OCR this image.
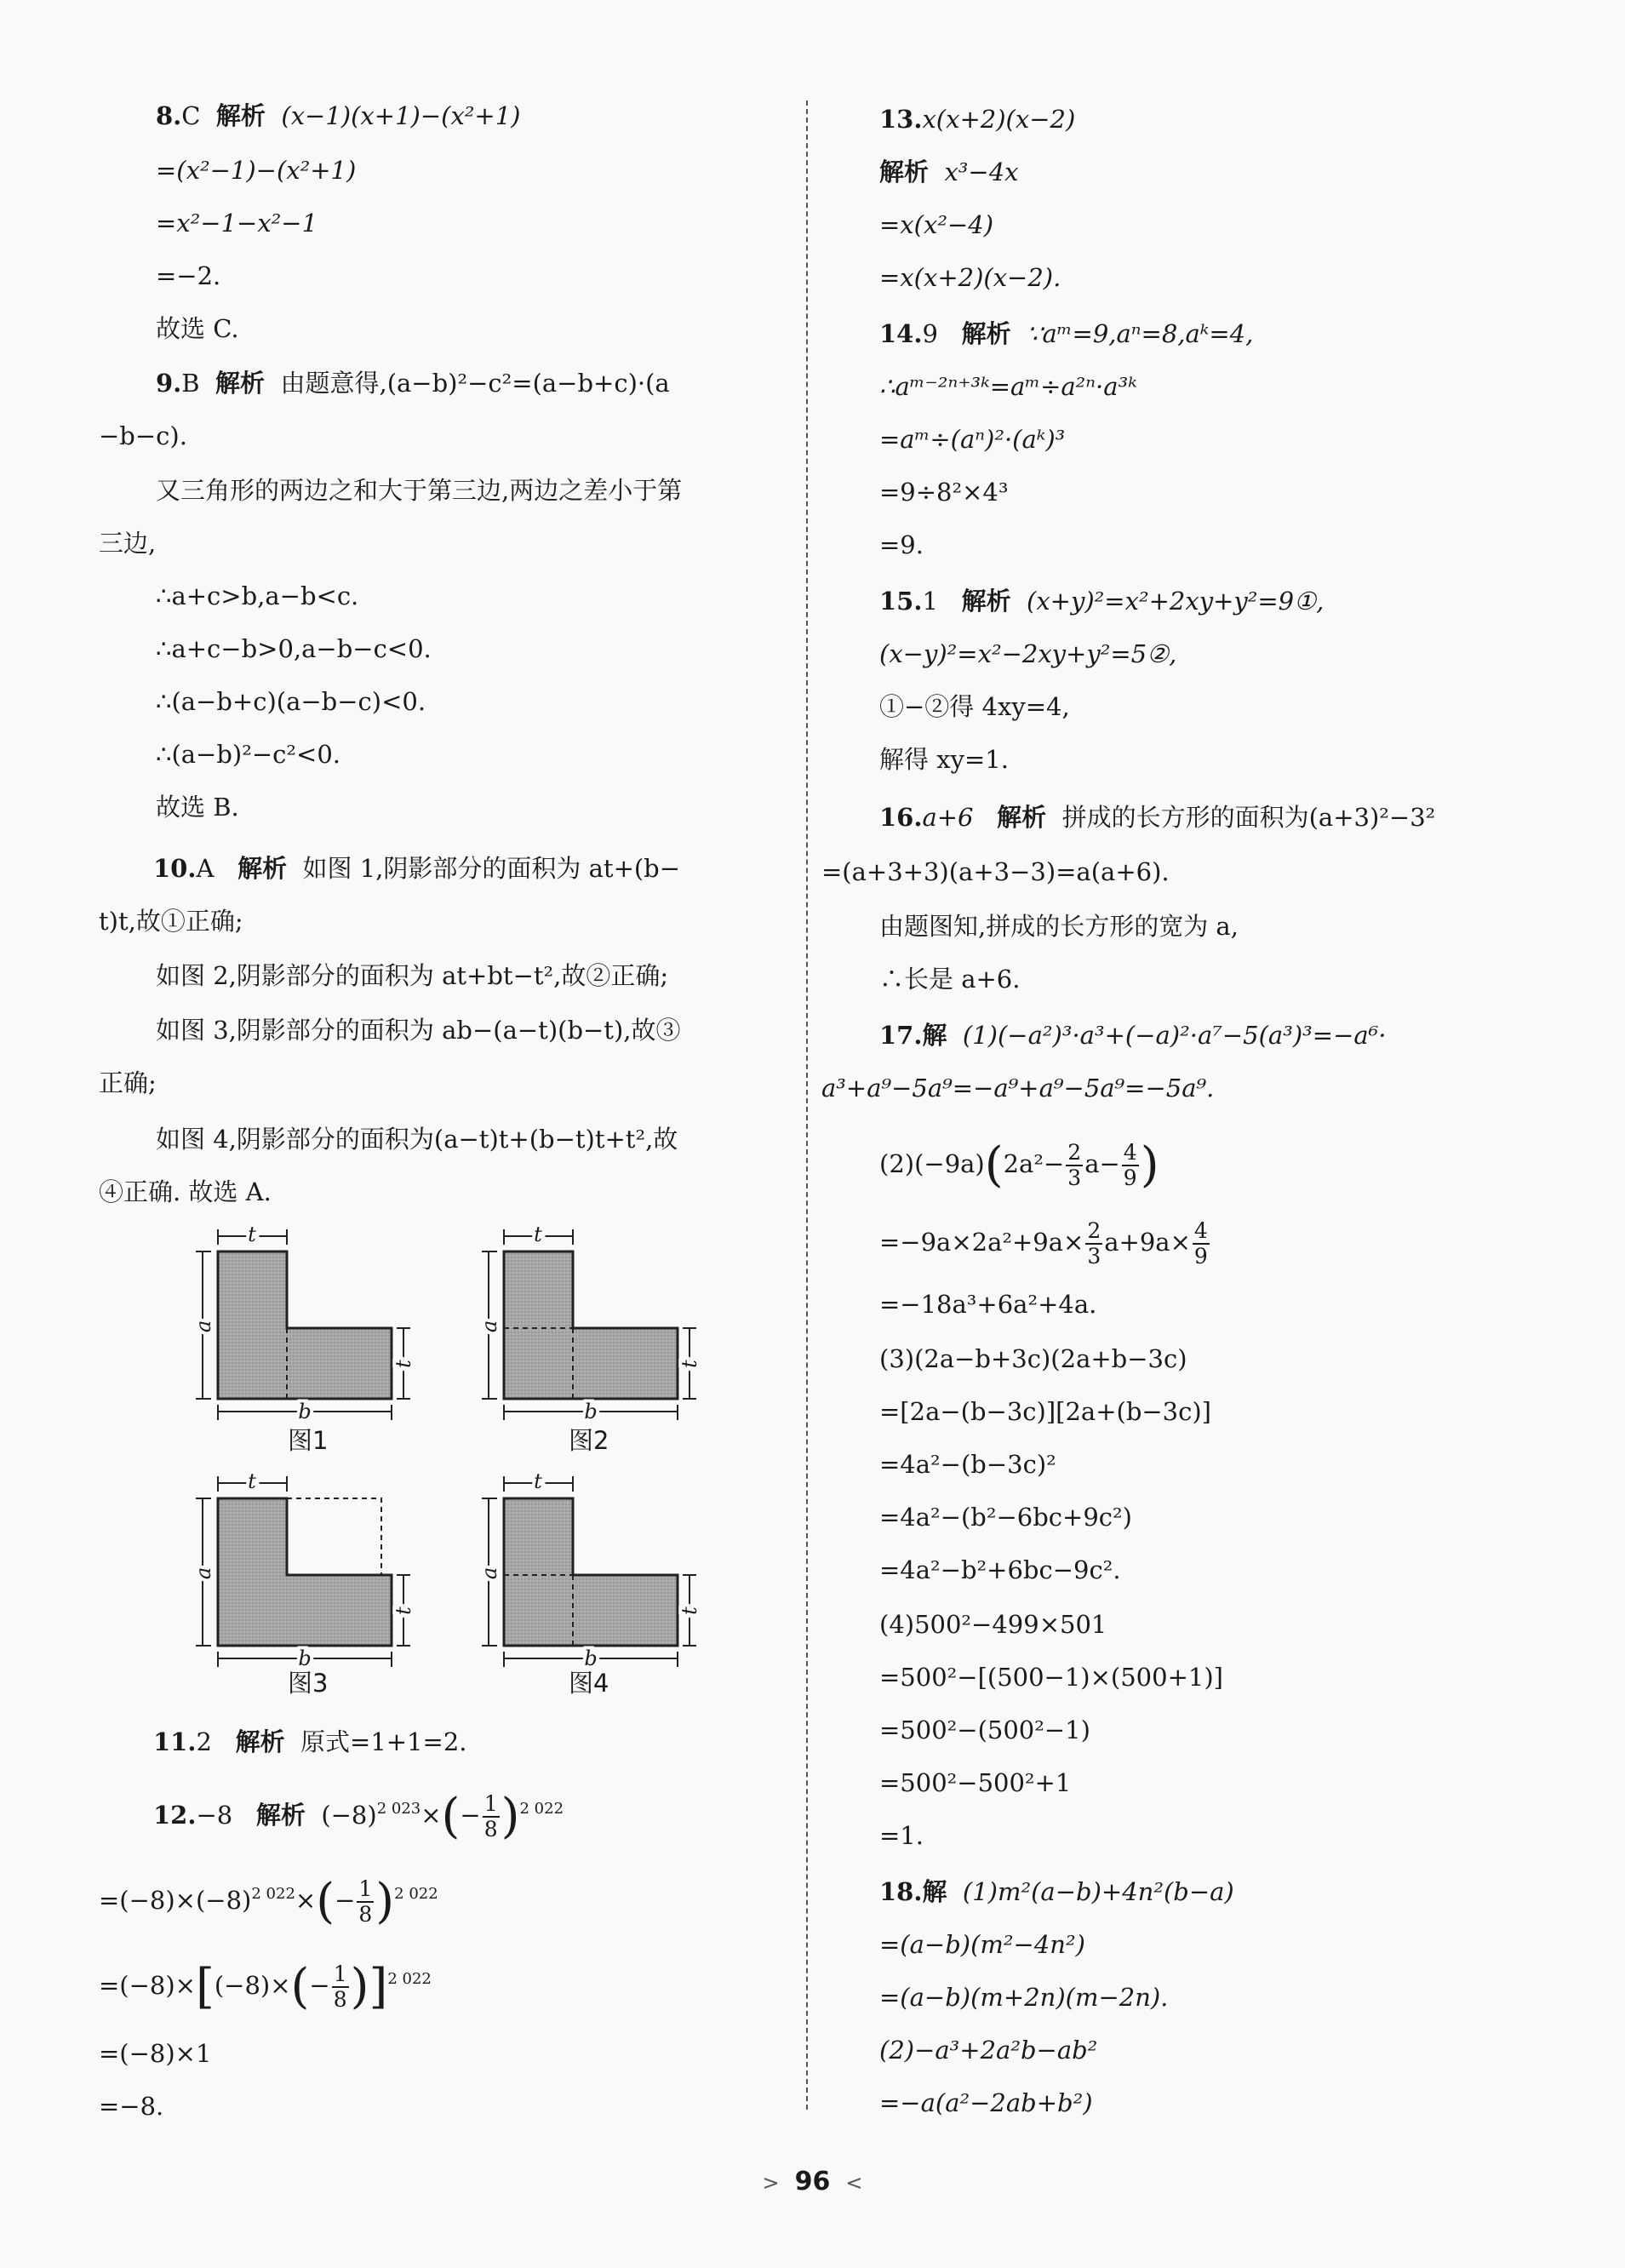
8.C 解析 (x−1)(x+1)−(x²+1)
=(x²−1)−(x²+1)
=x²−1−x²−1
=−2.
故选 C.
9.B 解析 由题意得,(a−b)²−c²=(a−b+c)·(a
−b−c).
又三角形的两边之和大于第三边,两边之差小于第
三边,
∴a+c>b,a−b<c.
∴a+c−b>0,a−b−c<0.
∴(a−b+c)(a−b−c)<0.
∴(a−b)²−c²<0.
故选 B.
10.A 解析 如图 1,阴影部分的面积为 at+(b−
t)t,故①正确;
如图 2,阴影部分的面积为 at+bt−t²,故②正确;
如图 3,阴影部分的面积为 ab−(a−t)(b−t),故③
正确;
如图 4,阴影部分的面积为(a−t)t+(b−t)t+t²,故
④正确. 故选 A.
11.2 解析 原式=1+1=2.
12.−8 解析 $(-8)^{2 023}\times(- \frac{1}{8} )^{2 022}$
$=(-8)\times(-8)^{2 022}\times(- \frac{1}{8} )^{2 022}$
$=(-8)\times[(-8)\times(- \frac{1}{8} )]^{2 022}$
=(−8)×1
=−8.
t
a
b
t
t
a
b
t
t
a
b
t
t
a
b
t
图1	图2
图3	图4
13.x(x+2)(x−2)
解析 x³−4x
=x(x²−4)
=x(x+2)(x−2).
14.9 解析 ∵aᵐ=9,aⁿ=8,aᵏ=4,
∴aᵐ⁻²ⁿ⁺³ᵏ=aᵐ÷a²ⁿ·a³ᵏ
=aᵐ÷(aⁿ)²·(aᵏ)³
=9÷8²×4³
=9.
15.1 解析 (x+y)²=x²+2xy+y²=9①,
(x−y)²=x²−2xy+y²=5②,
①−②得 4xy=4,
解得 xy=1.
16.a+6 解析 拼成的长方形的面积为(a+3)²−3²
=(a+3+3)(a+3−3)=a(a+6).
由题图知,拼成的长方形的宽为 a,
∴长是 a+6.
17.解 (1)(−a²)³·a³+(−a)²·a⁷−5(a³)³=−a⁶·
a³+a⁹−5a⁹=−a⁹+a⁹−5a⁹=−5a⁹.
$(2)(-9a)(2a^2- \frac{2}{3} a- \frac{4}{9}$ )
$=-9a\times 2a^2+9a\times \frac{2}{3} a+9a\times \frac{4}{9}$
=−18a³+6a²+4a.
(3)(2a−b+3c)(2a+b−3c)
=[2a−(b−3c)][2a+(b−3c)]
=4a²−(b−3c)²
=4a²−(b²−6bc+9c²)
=4a²−b²+6bc−9c².
(4)500²−499×501
=500²−[(500−1)×(500+1)]
=500²−(500²−1)
=500²−500²+1
=1.
18.解 (1)m²(a−b)+4n²(b−a)
=(a−b)(m²−4n²)
=(a−b)(m+2n)(m−2n).
(2)−a³+2a²b−ab²
=−a(a²−2ab+b²)
> 96 <
